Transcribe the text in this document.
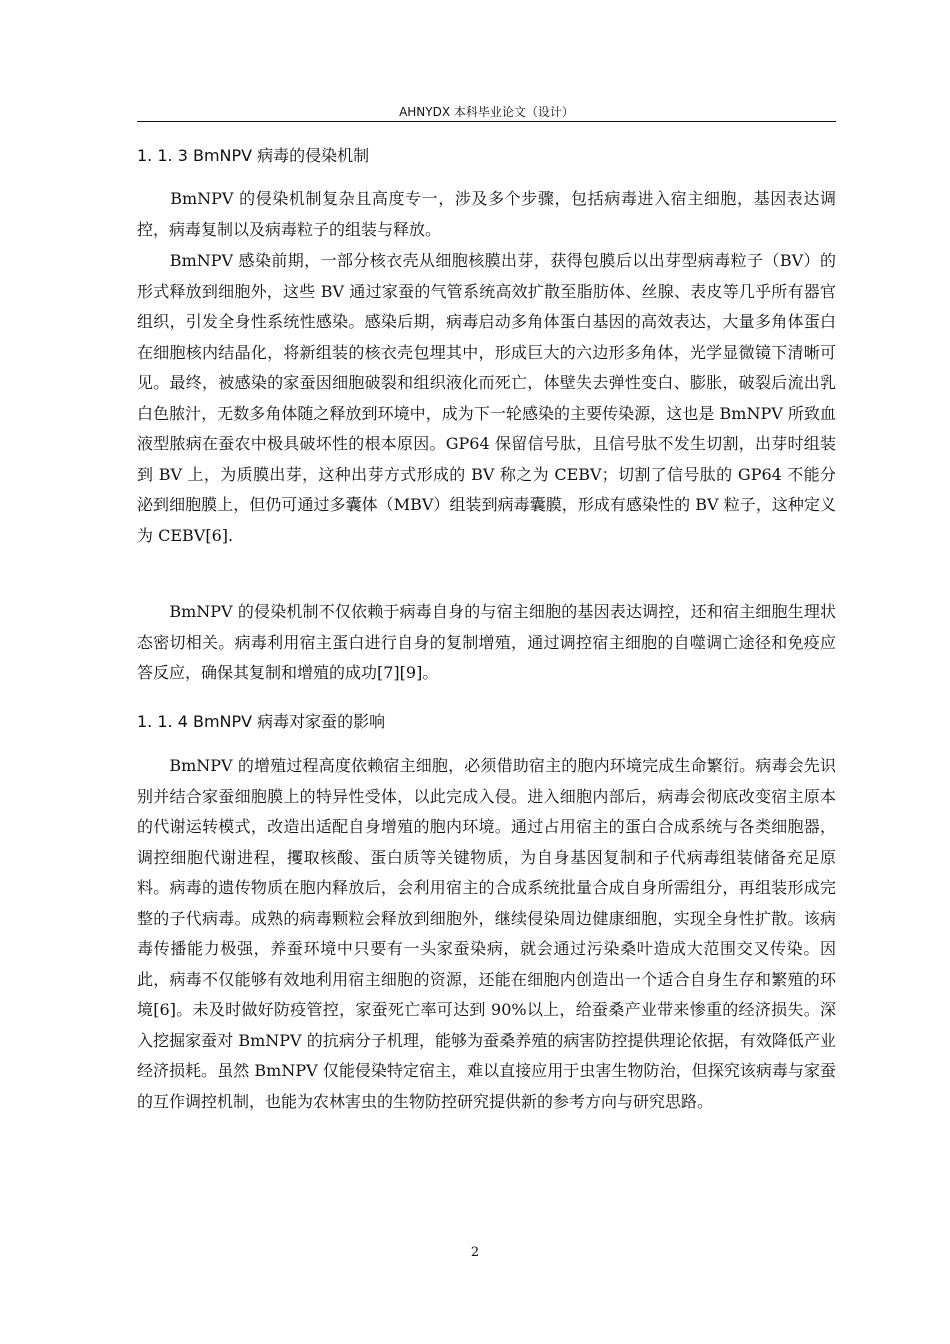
AHNYDX 本科毕业论文（设计）
1. 1. 3 BmNPV 病毒的侵染机制
　　BmNPV 的侵染机制复杂且高度专一，涉及多个步骤，包括病毒进入宿主细胞，基因表达调控，病毒复制以及病毒粒子的组装与释放。
　　BmNPV 感染前期，一部分核衣壳从细胞核膜出芽，获得包膜后以出芽型病毒粒子（BV）的形式释放到细胞外，这些 BV 通过家蚕的气管系统高效扩散至脂肪体、丝腺、表皮等几乎所有器官组织，引发全身性系统性感染。感染后期，病毒启动多角体蛋白基因的高效表达，大量多角体蛋白在细胞核内结晶化，将新组装的核衣壳包埋其中，形成巨大的六边形多角体，光学显微镜下清晰可见。最终，被感染的家蚕因细胞破裂和组织液化而死亡，体壁失去弹性变白、膨胀，破裂后流出乳白色脓汁，无数多角体随之释放到环境中，成为下一轮感染的主要传染源，这也是 BmNPV 所致血液型脓病在蚕农中极具破坏性的根本原因。GP64 保留信号肽，且信号肽不发生切割，出芽时组装到 BV 上，为质膜出芽，这种出芽方式形成的 BV 称之为 CEBV；切割了信号肽的 GP64 不能分泌到细胞膜上，但仍可通过多囊体（MBV）组装到病毒囊膜，形成有感染性的 BV 粒子，这种定义为 CEBV[6].
　　BmNPV 的侵染机制不仅依赖于病毒自身的与宿主细胞的基因表达调控，还和宿主细胞生理状态密切相关。病毒利用宿主蛋白进行自身的复制增殖，通过调控宿主细胞的自噬调亡途径和免疫应答反应，确保其复制和增殖的成功[7][9]。
1. 1. 4 BmNPV 病毒对家蚕的影响
　　BmNPV 的增殖过程高度依赖宿主细胞，必须借助宿主的胞内环境完成生命繁衍。病毒会先识别并结合家蚕细胞膜上的特异性受体，以此完成入侵。进入细胞内部后，病毒会彻底改变宿主原本的代谢运转模式，改造出适配自身增殖的胞内环境。通过占用宿主的蛋白合成系统与各类细胞器，调控细胞代谢进程，攫取核酸、蛋白质等关键物质，为自身基因复制和子代病毒组装储备充足原料。病毒的遗传物质在胞内释放后，会利用宿主的合成系统批量合成自身所需组分，再组装形成完整的子代病毒。成熟的病毒颗粒会释放到细胞外，继续侵染周边健康细胞，实现全身性扩散。该病毒传播能力极强，养蚕环境中只要有一头家蚕染病，就会通过污染桑叶造成大范围交叉传染。因此，病毒不仅能够有效地利用宿主细胞的资源，还能在细胞内创造出一个适合自身生存和繁殖的环境[6]。未及时做好防疫管控，家蚕死亡率可达到 90%以上，给蚕桑产业带来惨重的经济损失。深入挖掘家蚕对 BmNPV 的抗病分子机理，能够为蚕桑养殖的病害防控提供理论依据，有效降低产业经济损耗。虽然 BmNPV 仅能侵染特定宿主，难以直接应用于虫害生物防治，但探究该病毒与家蚕的互作调控机制，也能为农林害虫的生物防控研究提供新的参考方向与研究思路。
2
